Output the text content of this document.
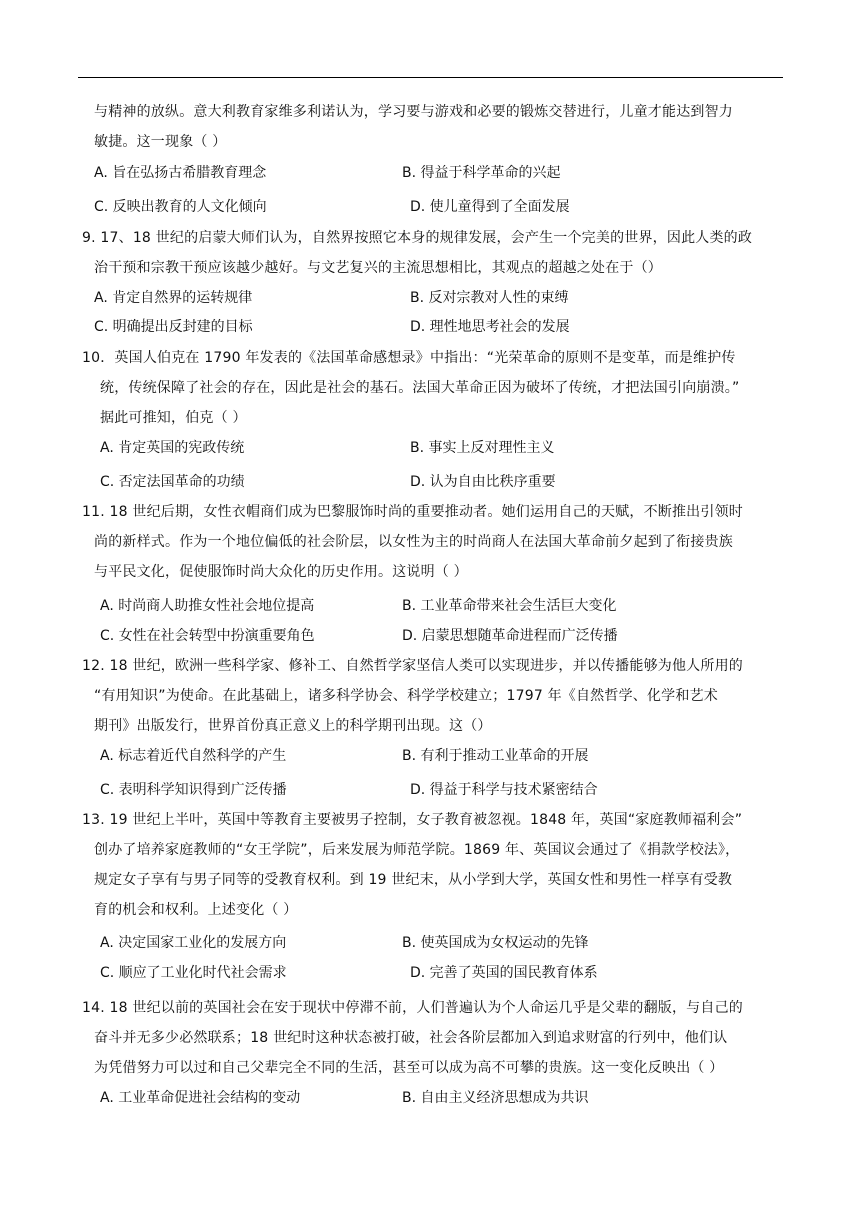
与精神的放纵。意大利教育家维多利诺认为，学习要与游戏和必要的锻炼交替进行，儿童才能达到智力
敏捷。这一现象（ ）
A. 旨在弘扬古希腊教育理念	B. 得益于科学革命的兴起
C. 反映出教育的人文化倾向	D. 使儿童得到了全面发展
9. 17、18 世纪的启蒙大师们认为，自然界按照它本身的规律发展，会产生一个完美的世界，因此人类的政
治干预和宗教干预应该越少越好。与文艺复兴的主流思想相比，其观点的超越之处在于（）
A. 肯定自然界的运转规律	B. 反对宗教对人性的束缚
C. 明确提出反封建的目标	D. 理性地思考社会的发展
10．英国人伯克在 1790 年发表的《法国革命感想录》中指出：“光荣革命的原则不是变革，而是维护传
统，传统保障了社会的存在，因此是社会的基石。法国大革命正因为破坏了传统，才把法国引向崩溃。”
据此可推知，伯克（ ）
A. 肯定英国的宪政传统	B. 事实上反对理性主义
C. 否定法国革命的功绩	D. 认为自由比秩序重要
11. 18 世纪后期，女性衣帽商们成为巴黎服饰时尚的重要推动者。她们运用自己的天赋，不断推出引领时
尚的新样式。作为一个地位偏低的社会阶层，以女性为主的时尚商人在法国大革命前夕起到了衔接贵族
与平民文化，促使服饰时尚大众化的历史作用。这说明（ ）
A. 时尚商人助推女性社会地位提高	B. 工业革命带来社会生活巨大变化
C. 女性在社会转型中扮演重要角色	D. 启蒙思想随革命进程而广泛传播
12. 18 世纪，欧洲一些科学家、修补工、自然哲学家坚信人类可以实现进步，并以传播能够为他人所用的
“有用知识”为使命。在此基础上，诸多科学协会、科学学校建立；1797 年《自然哲学、化学和艺术
期刊》出版发行，世界首份真正意义上的科学期刊出现。这（）
A. 标志着近代自然科学的产生	B. 有利于推动工业革命的开展
C. 表明科学知识得到广泛传播	D. 得益于科学与技术紧密结合
13. 19 世纪上半叶，英国中等教育主要被男子控制，女子教育被忽视。1848 年，英国“家庭教师福利会”
创办了培养家庭教师的“女王学院”，后来发展为师范学院。1869 年、英国议会通过了《捐款学校法》，
规定女子享有与男子同等的受教育权利。到 19 世纪末，从小学到大学，英国女性和男性一样享有受教
育的机会和权利。上述变化（ ）
A. 决定国家工业化的发展方向	B. 使英国成为女权运动的先锋
C. 顺应了工业化时代社会需求	D. 完善了英国的国民教育体系
14. 18 世纪以前的英国社会在安于现状中停滞不前，人们普遍认为个人命运几乎是父辈的翻版，与自己的
奋斗并无多少必然联系；18 世纪时这种状态被打破，社会各阶层都加入到追求财富的行列中，他们认
为凭借努力可以过和自己父辈完全不同的生活，甚至可以成为高不可攀的贵族。这一变化反映出（ ）
A. 工业革命促进社会结构的变动	B. 自由主义经济思想成为共识
